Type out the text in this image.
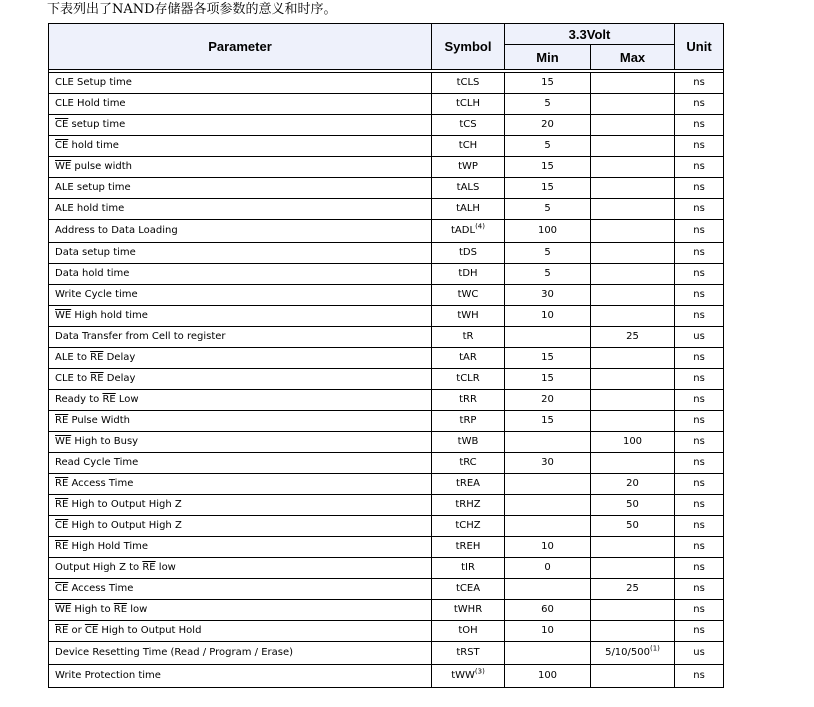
下表列出了NAND存储器各项参数的意义和时序。
Parameter	Symbol	3.3Volt		Unit
		Min	Max	

CLE Setup time	tCLS	15		ns
CLE Hold time	tCLH	5		ns
$\overline{CE}$ setup time	tCS	20		ns
$\overline{CE}$ hold time	tCH	5		ns
$\overline{WE}$ pulse width	tWP	15		ns
ALE setup time	tALS	15		ns
ALE hold time	tALH	5		ns
Address to Data Loading	tADL$^{(4)}$	100		ns
Data setup time	tDS	5		ns
Data hold time	tDH	5		ns
Write Cycle time	tWC	30		ns
$\overline{WE}$ High hold time	tWH	10		ns
Data Transfer from Cell to register	tR		25	us
ALE to $\overline{RE}$ Delay	tAR	15		ns
CLE to $\overline{RE}$ Delay	tCLR	15		ns
Ready to $\overline{RE}$ Low	tRR	20		ns
$\overline{RE}$ Pulse Width	tRP	15		ns
$\overline{WE}$ High to Busy	tWB		100	ns
Read Cycle Time	tRC	30		ns
$\overline{RE}$ Access Time	tREA		20	ns
$\overline{RE}$ High to Output High Z	tRHZ		50	ns
$\overline{CE}$ High to Output High Z	tCHZ		50	ns
$\overline{RE}$ High Hold Time	tREH	10		ns
Output High Z to $\overline{RE}$ low	tIR	0		ns
$\overline{CE}$ Access Time	tCEA		25	ns
$\overline{WE}$ High to $\overline{RE}$ low	tWHR	60		ns
$\overline{RE}$ or $\overline{CE}$ High to Output Hold	tOH	10		ns
Device Resetting Time (Read / Program / Erase)	tRST		5/10/500$^{(1)}$	us
Write Protection time	tWW$^{(3)}$	100		ns
